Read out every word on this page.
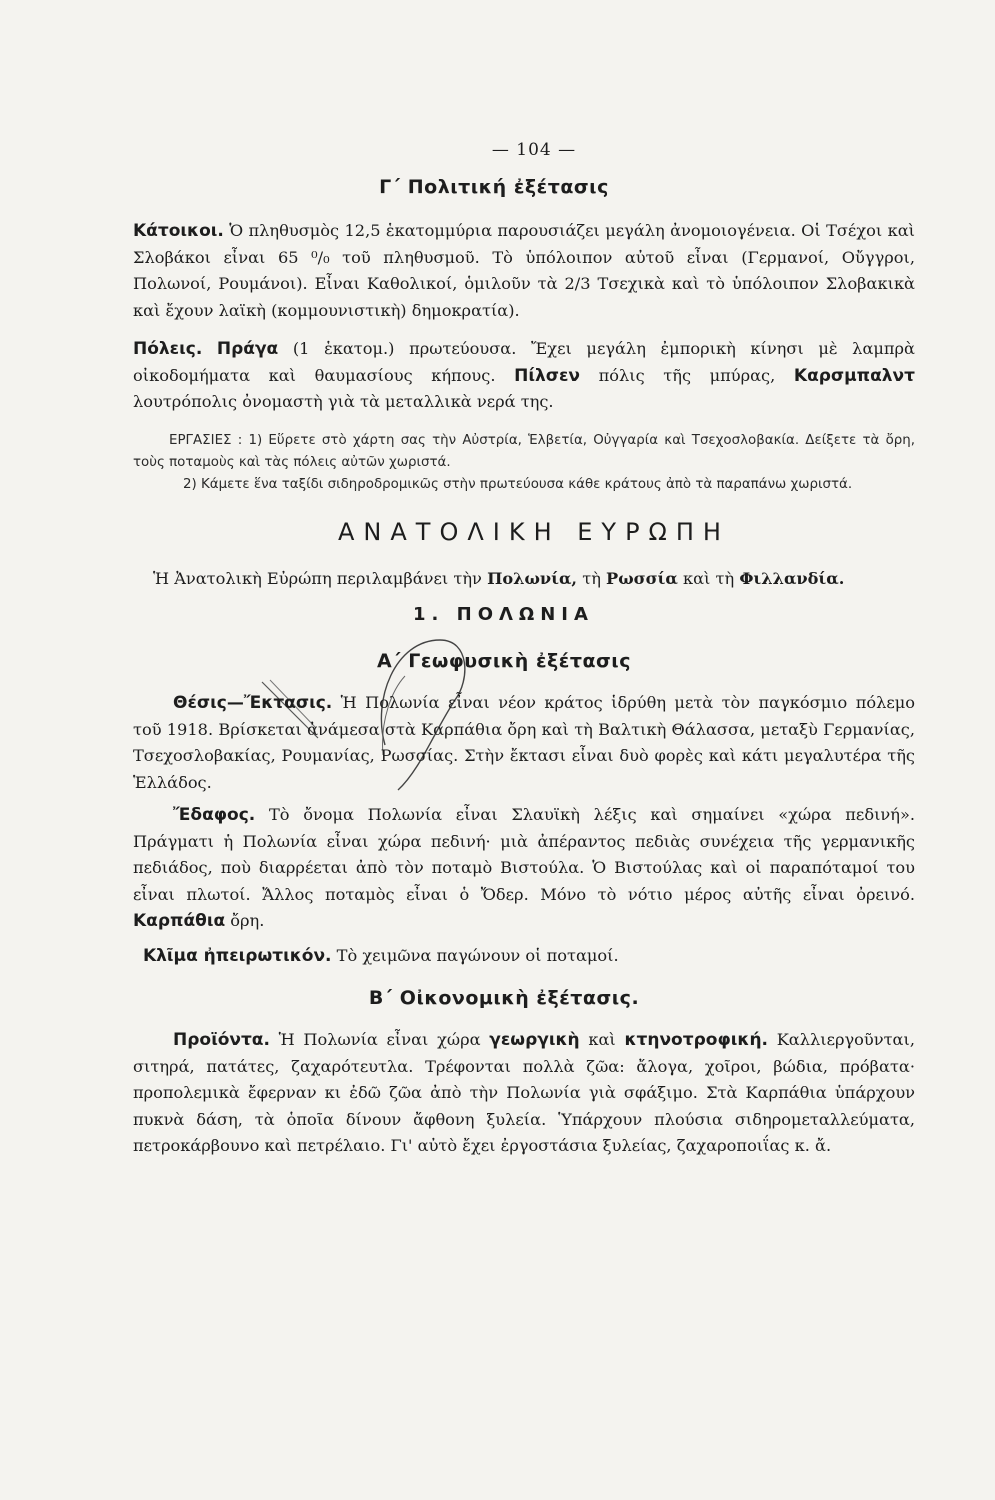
— 104 —
Γ΄ Πολιτική ἐξέτασις

Κάτοικοι. Ὁ πληθυσμὸς 12,5 ἑκατομμύρια παρουσιάζει μεγάλη ἀνομοιογένεια. Οἱ Τσέχοι καὶ Σλοβάκοι εἶναι 65 ⁰/₀ τοῦ πληθυσμοῦ. Τὸ ὑπόλοιπον αὐτοῦ εἶναι (Γερμανοί, Οὔγγροι, Πολωνοί, Ρουμάνοι). Εἶναι Καθολικοί, ὁμιλοῦν τὰ 2/3 Τσεχικὰ καὶ τὸ ὑπόλοιπον Σλοβακικὰ καὶ ἔχουν λαϊκὴ (κομμουνιστικὴ) δημοκρατία).

Πόλεις. Πράγα (1 ἑκατομ.) πρωτεύουσα. Ἔχει μεγάλη ἐμπορικὴ κίνησι μὲ λαμπρὰ οἰκοδομήματα καὶ θαυμασίους κήπους. Πίλσεν πόλις τῆς μπύρας, Καρσμπαλντ λουτρόπολις ὀνομαστὴ γιὰ τὰ μεταλλικὰ νερά της.

ΕΡΓΑΣΙΕΣ : 1) Εὕρετε στὸ χάρτη σας τὴν Αὐστρία, Ἑλβετία, Οὐγγαρία καὶ Τσεχοσλοβακία. Δείξετε τὰ ὄρη, τοὺς ποταμοὺς καὶ τὰς πόλεις αὐτῶν χωριστά.
2) Κάμετε ἕνα ταξίδι σιδηροδρομικῶς στὴν πρωτεύουσα κάθε κράτους ἀπὸ τὰ παραπάνω χωριστά.
ΑΝΑΤΟΛΙΚΗ ΕΥΡΩΠΗ

Ἡ Ἀνατολικὴ Εὐρώπη περιλαμβάνει τὴν Πολωνία, τὴ Ρωσσία καὶ τὴ Φιλλανδία.

1. ΠΟΛΩΝΙΑ
Α΄ Γεωφυσικὴ ἐξέτασις

Θέσις—Ἔκτασις. Ἡ Πολωνία εἶναι νέον κράτος ἱδρύθη μετὰ τὸν παγκόσμιο πόλεμο τοῦ 1918. Βρίσκεται ἀνάμεσα στὰ Καρπάθια ὄρη καὶ τὴ Βαλτικὴ Θάλασσα, μεταξὺ Γερμανίας, Τσεχοσλοβακίας, Ρουμανίας, Ρωσσίας. Στὴν ἔκτασι εἶναι δυὸ φορὲς καὶ κάτι μεγαλυτέρα τῆς Ἑλλάδος.

Ἔδαφος. Τὸ ὄνομα Πολωνία εἶναι Σλαυϊκὴ λέξις καὶ σημαίνει «χώρα πεδινή». Πράγματι ἡ Πολωνία εἶναι χώρα πεδινή· μιὰ ἀπέραντος πεδιὰς συνέχεια τῆς γερμανικῆς πεδιάδος, ποὺ διαρρέεται ἀπὸ τὸν ποταμὸ Βιστούλα. Ὁ Βιστούλας καὶ οἱ παραπόταμοί του εἶναι πλωτοί. Ἄλλος ποταμὸς εἶναι ὁ Ὄδερ. Μόνο τὸ νότιο μέρος αὐτῆς εἶναι ὀρεινό. Καρπάθια ὄρη.

Κλῖμα ἠπειρωτικόν. Τὸ χειμῶνα παγώνουν οἱ ποταμοί.

Β΄ Οἰκονομικὴ ἐξέτασις.

Προϊόντα. Ἡ Πολωνία εἶναι χώρα γεωργικὴ καὶ κτηνοτροφική. Καλλιεργοῦνται, σιτηρά, πατάτες, ζαχαρότευτλα. Τρέφονται πολλὰ ζῶα: ἄλογα, χοῖροι, βώδια, πρόβατα· προπολεμικὰ ἔφερναν κι ἐδῶ ζῶα ἀπὸ τὴν Πολωνία γιὰ σφάξιμο. Στὰ Καρπάθια ὑπάρχουν πυκνὰ δάση, τὰ ὁποῖα δίνουν ἄφθονη ξυλεία. Ὑπάρχουν πλούσια σιδηρομεταλλεύματα, πετροκάρβουνο καὶ πετρέλαιο. Γι' αὐτὸ ἔχει ἐργοστάσια ξυλείας, ζαχαροποιΐας κ. ἄ.
